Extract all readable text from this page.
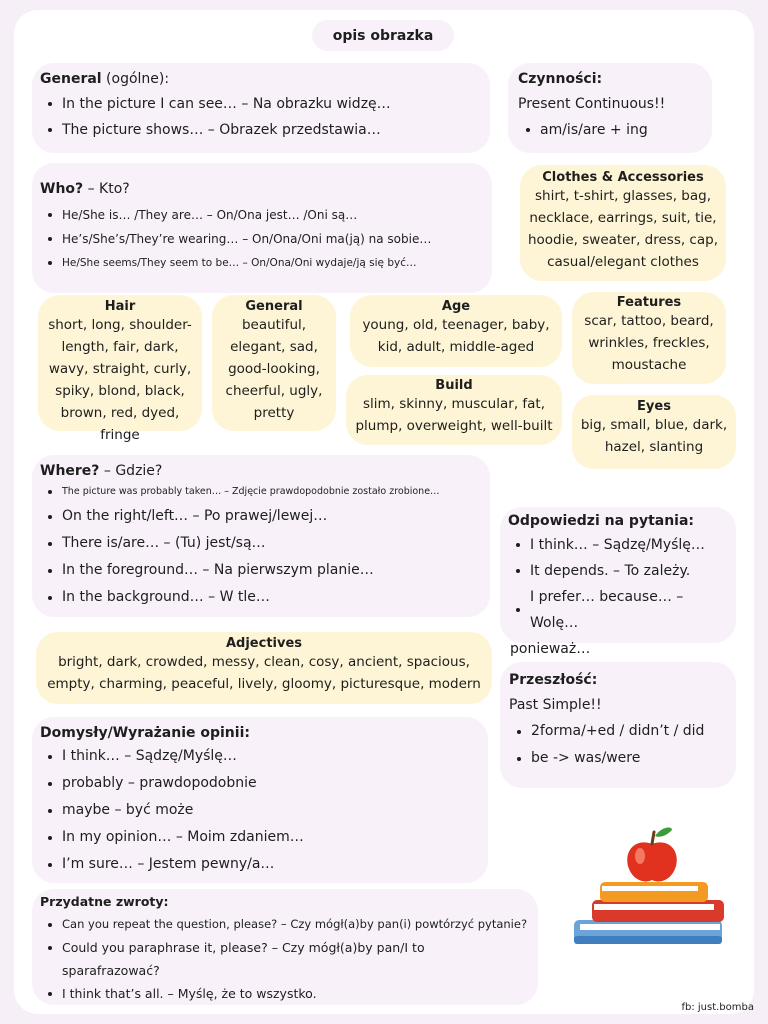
opis obrazka
General (ogólne):
In the picture I can see… – Na obrazku widzę…
The picture shows… – Obrazek przedstawia…
Czynności:
Present Continuous!!
am/is/are + ing
Who? – Kto?
He/She is… /They are… – On/Ona jest… /Oni są…
He’s/She’s/They’re wearing… – On/Ona/Oni ma(ją) na sobie…
He/She seems/They seem to be… – On/Ona/Oni wydaje/ją się być…
Clothes & Accessories
shirt, t-shirt, glasses, bag, necklace, earrings, suit, tie, hoodie, sweater, dress, cap, casual/elegant clothes
Hair
short, long, shoulder-length, fair, dark, wavy, straight, curly, spiky, blond, black, brown, red, dyed, fringe
General
beautiful, elegant, sad, good-looking, cheerful, ugly, pretty
Age
young, old, teenager, baby, kid, adult, middle-aged
Build
slim, skinny, muscular, fat, plump, overweight, well-built
Features
scar, tattoo, beard, wrinkles, freckles, moustache
Eyes
big, small, blue, dark, hazel, slanting
Where? – Gdzie?
The picture was probably taken… – Zdjęcie prawdopodobnie zostało zrobione…
On the right/left… – Po prawej/lewej…
There is/are… – (Tu) jest/są…
In the foreground… – Na pierwszym planie…
In the background… – W tle…
Odpowiedzi na pytania:
I think… – Sądzę/Myślę…
It depends. – To zależy.
I prefer… because… – Wolę…
ponieważ…
Adjectives
bright, dark, crowded, messy, clean, cosy, ancient, spacious, empty, charming, peaceful, lively, gloomy, picturesque, modern	Przeszłość:
Past Simple!!
2forma/+ed / didn’t / did
be -> was/were
Domysły/Wyrażanie opinii:
I think… – Sądzę/Myślę…
probably – prawdopodobnie
maybe – być może
In my opinion… – Moim zdaniem…
I’m sure… – Jestem pewny/a…
Przydatne zwroty:
Can you repeat the question, please? – Czy mógł(a)by pan(i) powtórzyć pytanie?
Could you paraphrase it, please? – Czy mógł(a)by pan/I to
sparafrazować?
I think that’s all. – Myślę, że to wszystko.
fb: just.bomba
